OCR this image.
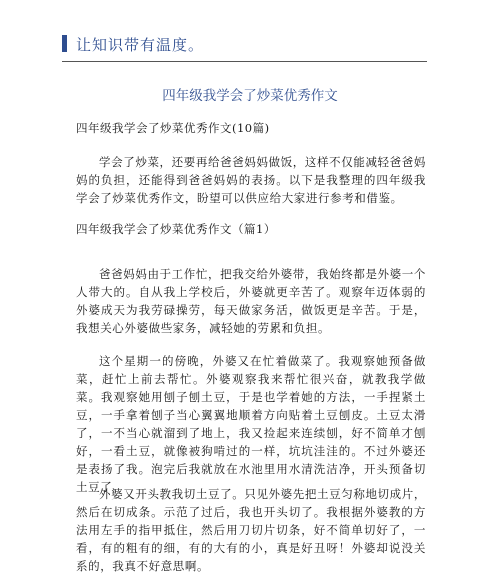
让知识带有温度。
四年级我学会了炒菜优秀作文
四年级我学会了炒菜优秀作文(10篇)

学会了炒菜，还要再给爸爸妈妈做饭，这样不仅能减轻爸爸妈妈的负担，还能得到爸爸妈妈的表扬。以下是我整理的四年级我学会了炒菜优秀作文，盼望可以供应给大家进行参考和借鉴。

四年级我学会了炒菜优秀作文（篇1）

爸爸妈妈由于工作忙，把我交给外婆带，我始终都是外婆一个人带大的。自从我上学校后，外婆就更辛苦了。观察年迈体弱的外婆成天为我劳碌操劳，每天做家务活，做饭更是辛苦。于是，我想关心外婆做些家务，减轻她的劳累和负担。

这个星期一的傍晚，外婆又在忙着做菜了。我观察她预备做菜，赶忙上前去帮忙。外婆观察我来帮忙很兴奋，就教我学做菜。我观察她用刨子刨土豆，于是也学着她的方法，一手捏紧土豆，一手拿着刨子当心翼翼地顺着方向贴着土豆刨皮。土豆太滑了，一不当心就溜到了地上，我又捡起来连续刨，好不简单才刨好，一看土豆，就像被狗啃过的一样，坑坑洼洼的。不过外婆还是表扬了我。泡完后我就放在水池里用水清洗洁净，开头预备切土豆了。

外婆又开头教我切土豆了。只见外婆先把土豆匀称地切成片，然后在切成条。示范了过后，我也开头切了。我根据外婆教的方法用左手的指甲抵住，然后用刀切片切条，好不简单切好了，一看，有的粗有的细，有的大有的小，真是好丑呀！外婆却说没关系的，我真不好意思啊。
